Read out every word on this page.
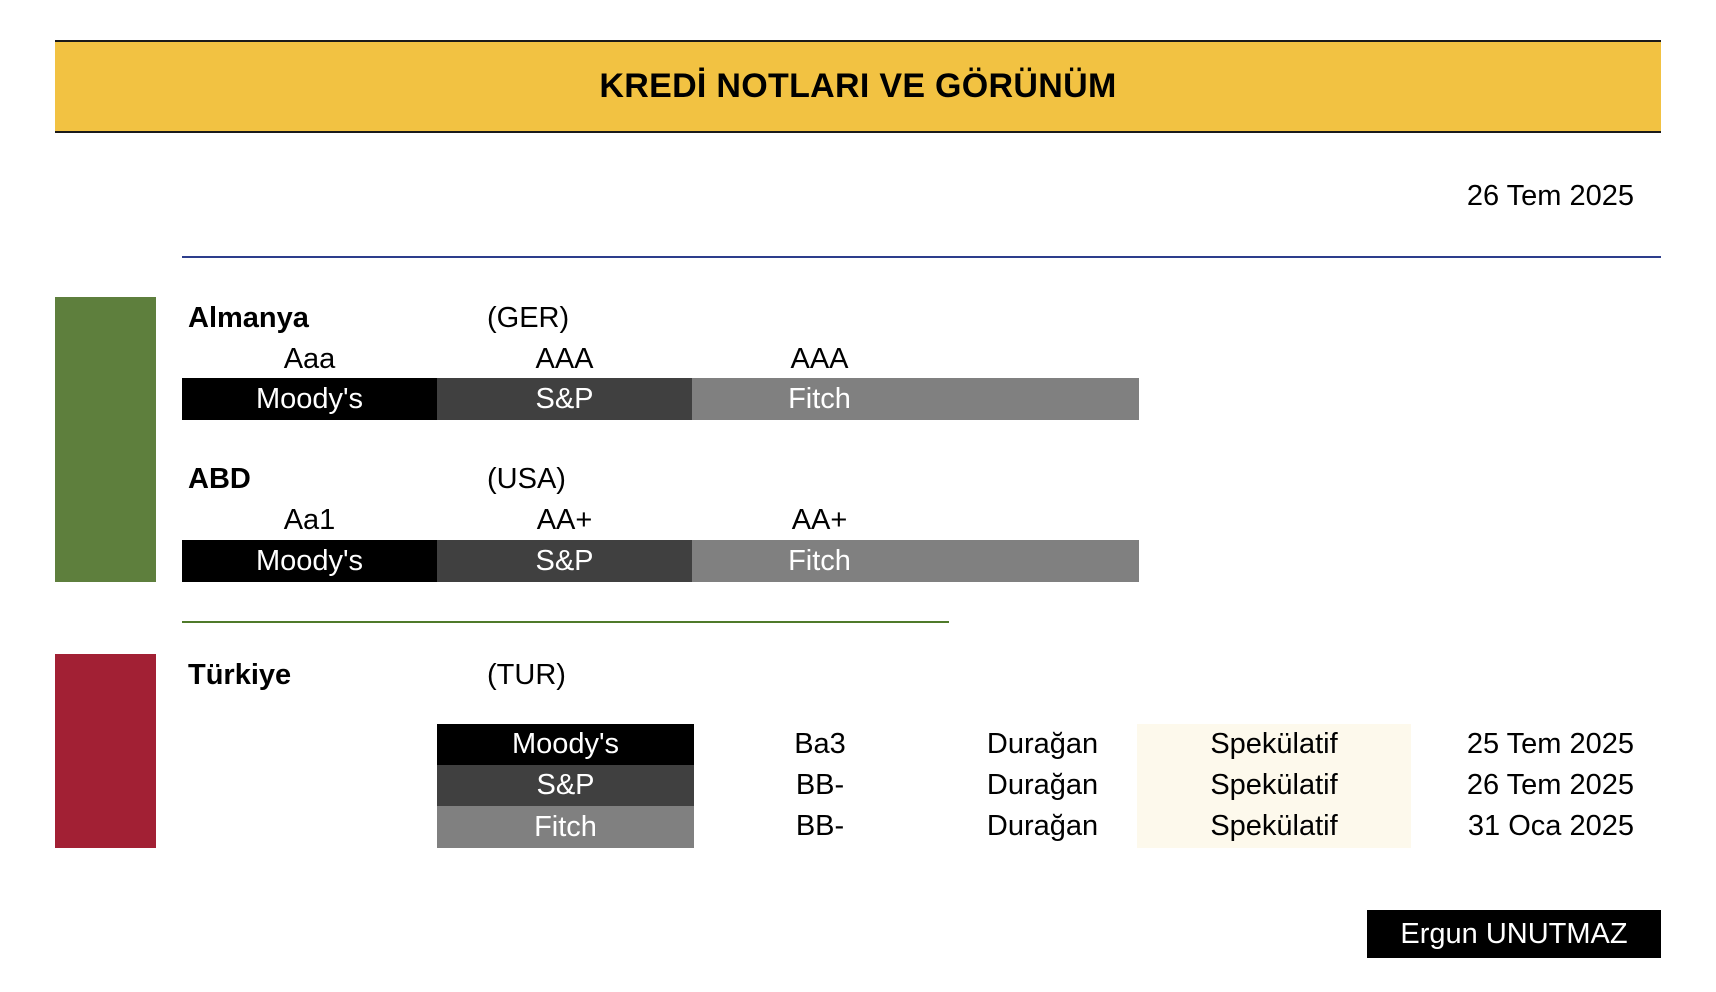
KREDİ NOTLARI VE GÖRÜNÜM
26 Tem 2025
Almanya	(GER)
Aaa	AAA	AAA
Moody's	S&P	Fitch
ABD	(USA)
Aa1	AA+	AA+
Moody's	S&P	Fitch
Türkiye	(TUR)
Moody's	Ba3	Durağan	Spekülatif	25 Tem 2025
S&P	BB-	Durağan	Spekülatif	26 Tem 2025
Fitch	BB-	Durağan	Spekülatif	31 Oca 2025
Ergun UNUTMAZ
